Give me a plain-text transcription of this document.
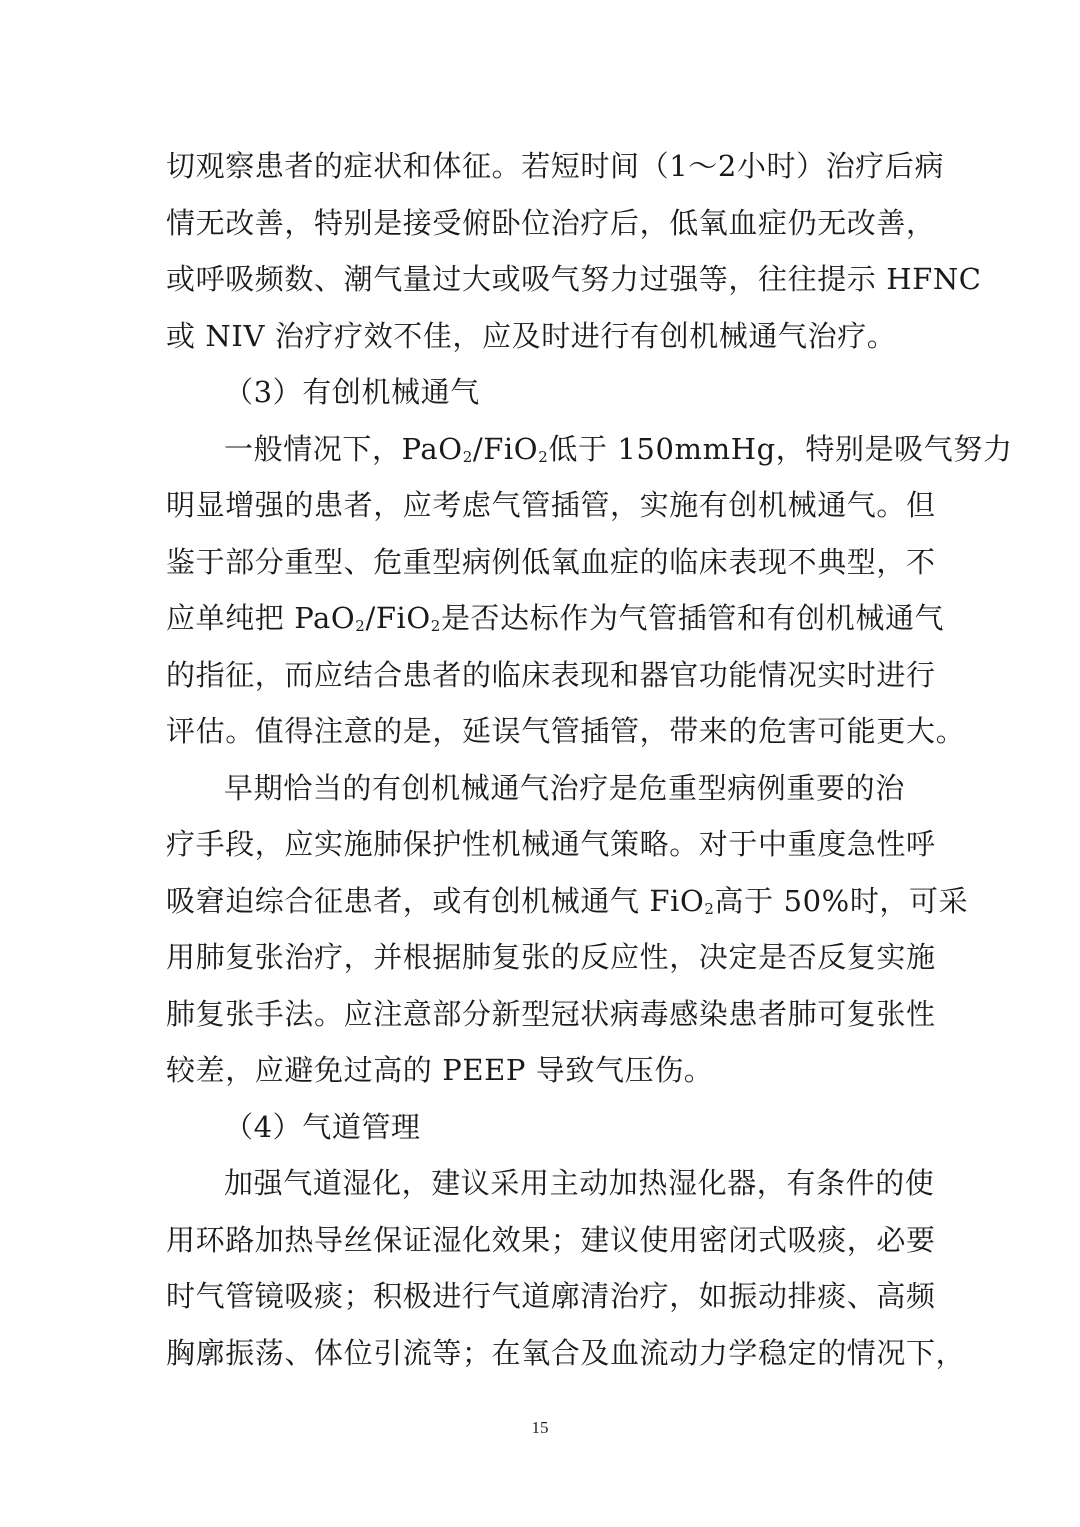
切观察患者的症状和体征。若短时间（1～2小时）治疗后病
情无改善，特别是接受俯卧位治疗后，低氧血症仍无改善，
或呼吸频数、潮气量过大或吸气努力过强等，往往提示 HFNC
或 NIV 治疗疗效不佳，应及时进行有创机械通气治疗。
（3）有创机械通气
一般情况下，PaO$_2$/FiO$_2$低于 150mmHg，特别是吸气努力
明显增强的患者，应考虑气管插管，实施有创机械通气。但
鉴于部分重型、危重型病例低氧血症的临床表现不典型，不
应单纯把 PaO$_2$/FiO$_2$是否达标作为气管插管和有创机械通气
的指征，而应结合患者的临床表现和器官功能情况实时进行
评估。值得注意的是，延误气管插管，带来的危害可能更大。
早期恰当的有创机械通气治疗是危重型病例重要的治
疗手段，应实施肺保护性机械通气策略。对于中重度急性呼
吸窘迫综合征患者，或有创机械通气 FiO$_2$高于 50%时，可采
用肺复张治疗，并根据肺复张的反应性，决定是否反复实施
肺复张手法。应注意部分新型冠状病毒感染患者肺可复张性
较差，应避免过高的 PEEP 导致气压伤。
（4）气道管理
加强气道湿化，建议采用主动加热湿化器，有条件的使
用环路加热导丝保证湿化效果；建议使用密闭式吸痰，必要
时气管镜吸痰；积极进行气道廓清治疗，如振动排痰、高频
胸廓振荡、体位引流等；在氧合及血流动力学稳定的情况下，
15
